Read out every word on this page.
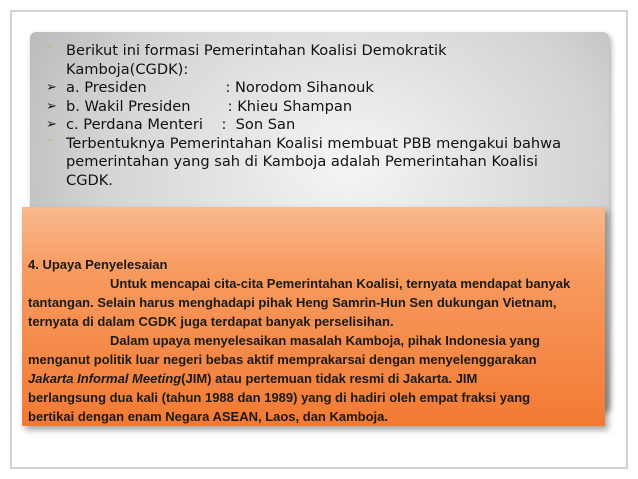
⁻ Berikut ini formasi Pemerintahan Koalisi Demokratik
Kamboja(CGDK):
➢ a. Presiden                 : Norodom Sihanouk
➢ b. Wakil Presiden        : Khieu Shampan
➢ c. Perdana Menteri    :  Son San
⁻ Terbentuknya Pemerintahan Koalisi membuat PBB mengakui bahwa
pemerintahan yang sah di Kamboja adalah Pemerintahan Koalisi
CGDK.

4. Upaya Penyelesaian

Untuk mencapai cita-cita Pemerintahan Koalisi, ternyata mendapat banyak

tantangan. Selain harus menghadapi pihak Heng Samrin-Hun Sen dukungan Vietnam,

ternyata di dalam CGDK juga terdapat banyak perselisihan.

Dalam upaya menyelesaikan masalah Kamboja, pihak Indonesia yang

menganut politik luar negeri bebas aktif memprakarsai dengan menyelenggarakan

Jakarta Informal Meeting(JIM) atau pertemuan tidak resmi di Jakarta. JIM

berlangsung dua kali (tahun 1988 dan 1989) yang di hadiri oleh empat fraksi yang

bertikai dengan enam Negara ASEAN, Laos, dan Kamboja.
